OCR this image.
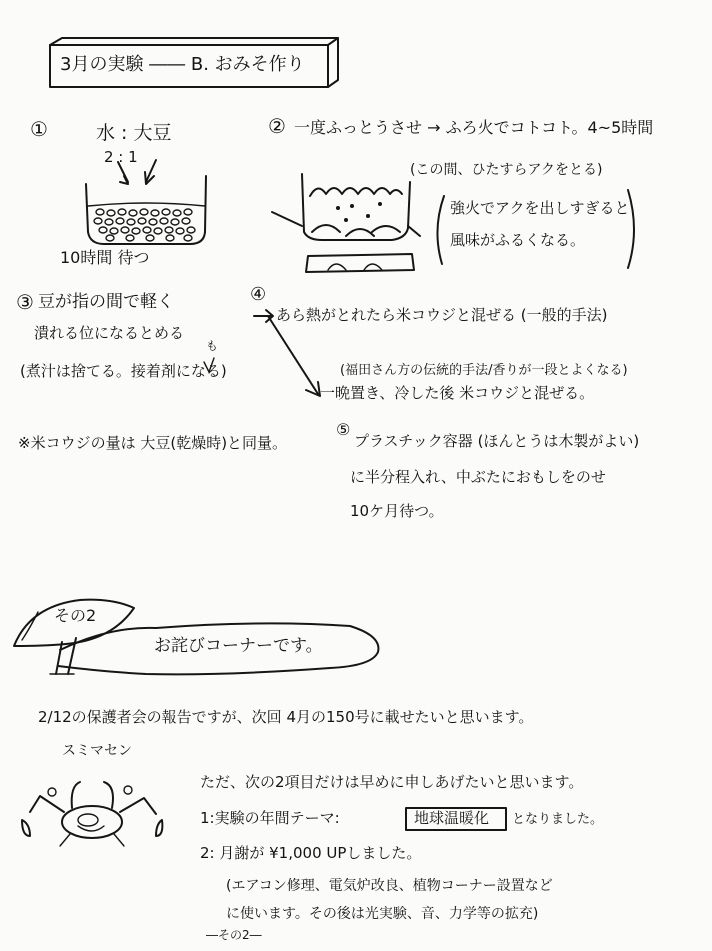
3月の実験 ―― B. おみそ作り
①	水 : 大豆
2 : 1
10時間 待つ
② 一度ふっとうさせ → ふろ火でコトコト。4~5時間
(この間、ひたすらアクをとる)
強火でアクを出しすぎると
風味がふるくなる。
③ 豆が指の間で軽く
潰れる位になるとめる
も
(煮汁は捨てる。接着剤になる)
④
あら熱がとれたら米コウジと混ぜる (一般的手法)
(福田さん方の伝統的手法/香りが一段とよくなる)
一晩置き、冷した後 米コウジと混ぜる。
※米コウジの量は 大豆(乾燥時)と同量。
⑤
プラスチック容器 (ほんとうは木製がよい)
に半分程入れ、中ぶたにおもしをのせ
10ケ月待つ。
その2
お詫びコーナーです。
2/12の保護者会の報告ですが、次回 4月の150号に載せたいと思います。
スミマセン
ただ、次の2項目だけは早めに申しあげたいと思います。
1:実験の年間テーマ:	地球温暖化 となりました。
2: 月謝が ¥1,000 UPしました。
(エアコン修理、電気炉改良、植物コーナー設置など
に使います。その後は光実験、音、力学等の拡充)
―その2―
